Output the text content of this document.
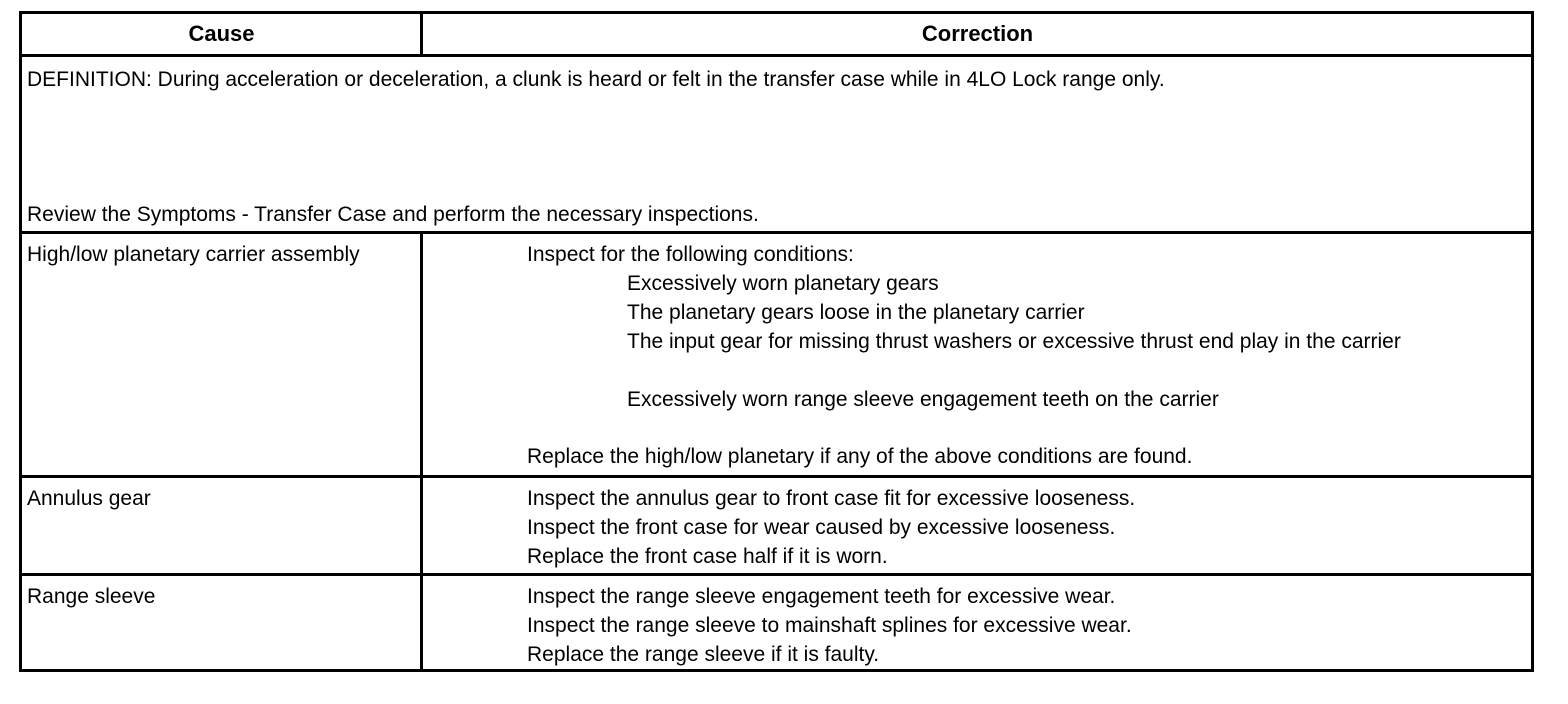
Cause	Correction
DEFINITION: During acceleration or deceleration, a clunk is heard or felt in the transfer case while in 4LO Lock range only.
Review the Symptoms - Transfer Case and perform the necessary inspections.
High/low planetary carrier assembly	Inspect for the following conditions:
Excessively worn planetary gears
The planetary gears loose in the planetary carrier
The input gear for missing thrust washers or excessive thrust end play in the carrier
Excessively worn range sleeve engagement teeth on the carrier
Replace the high/low planetary if any of the above conditions are found.
Annulus gear	Inspect the annulus gear to front case fit for excessive looseness.
Inspect the front case for wear caused by excessive looseness.
Replace the front case half if it is worn.
Range sleeve	Inspect the range sleeve engagement teeth for excessive wear.
Inspect the range sleeve to mainshaft splines for excessive wear.
Replace the range sleeve if it is faulty.
